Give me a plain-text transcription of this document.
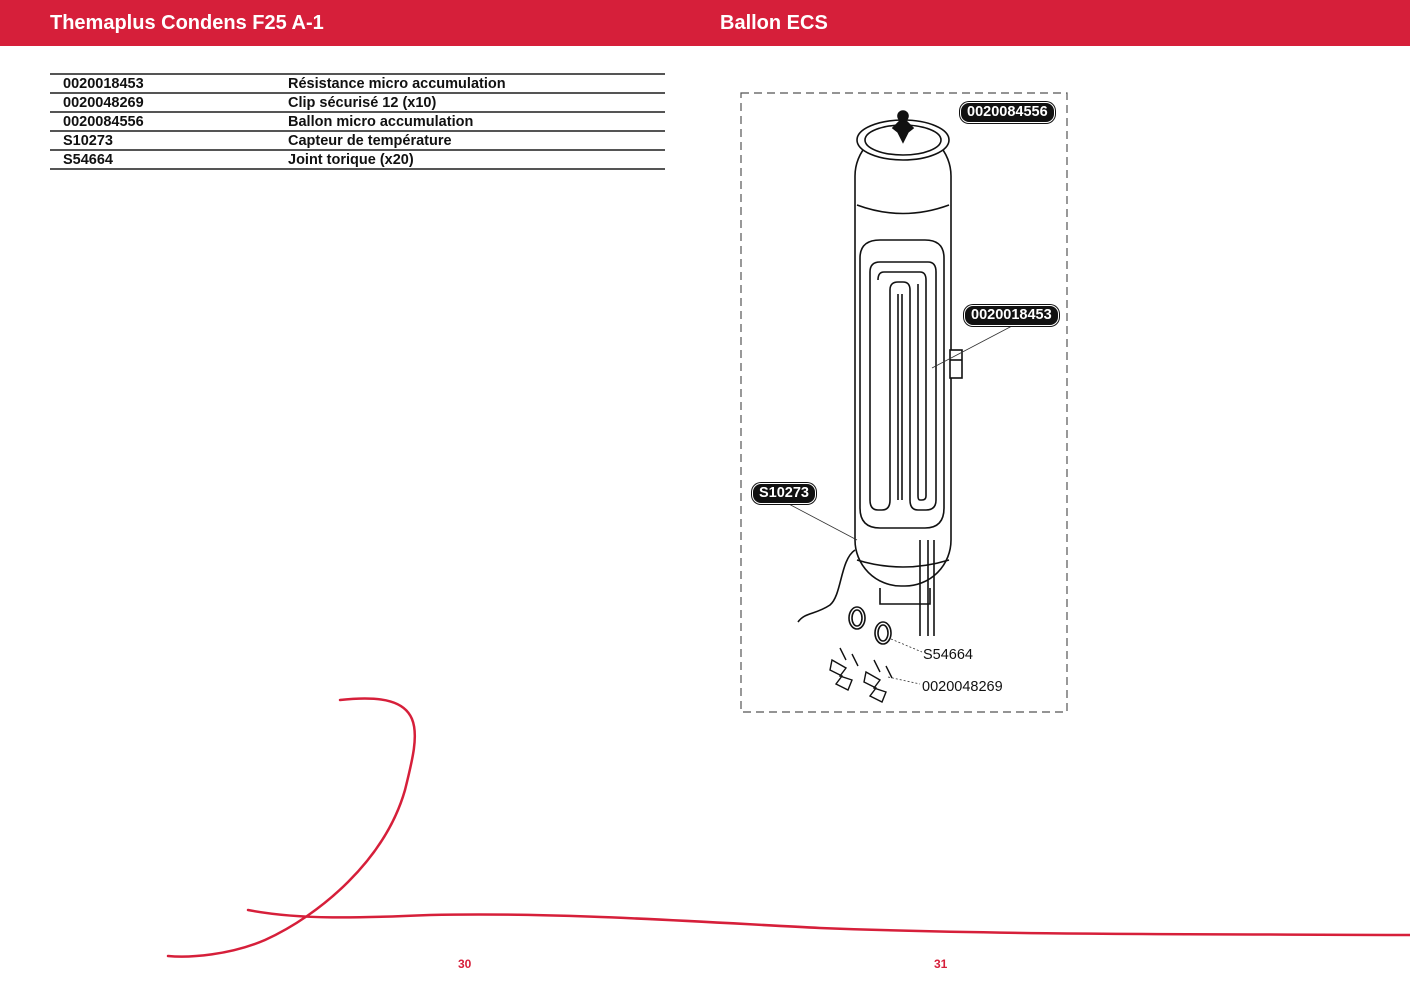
Themaplus Condens F25 A-1	Ballon ECS
0020018453	Résistance micro accumulation
0020048269	Clip sécurisé 12 (x10)
0020084556	Ballon micro accumulation
S10273	Capteur de température
S54664	Joint torique (x20)
0020084556
0020018453
S10273
S54664
0020048269
30	31
